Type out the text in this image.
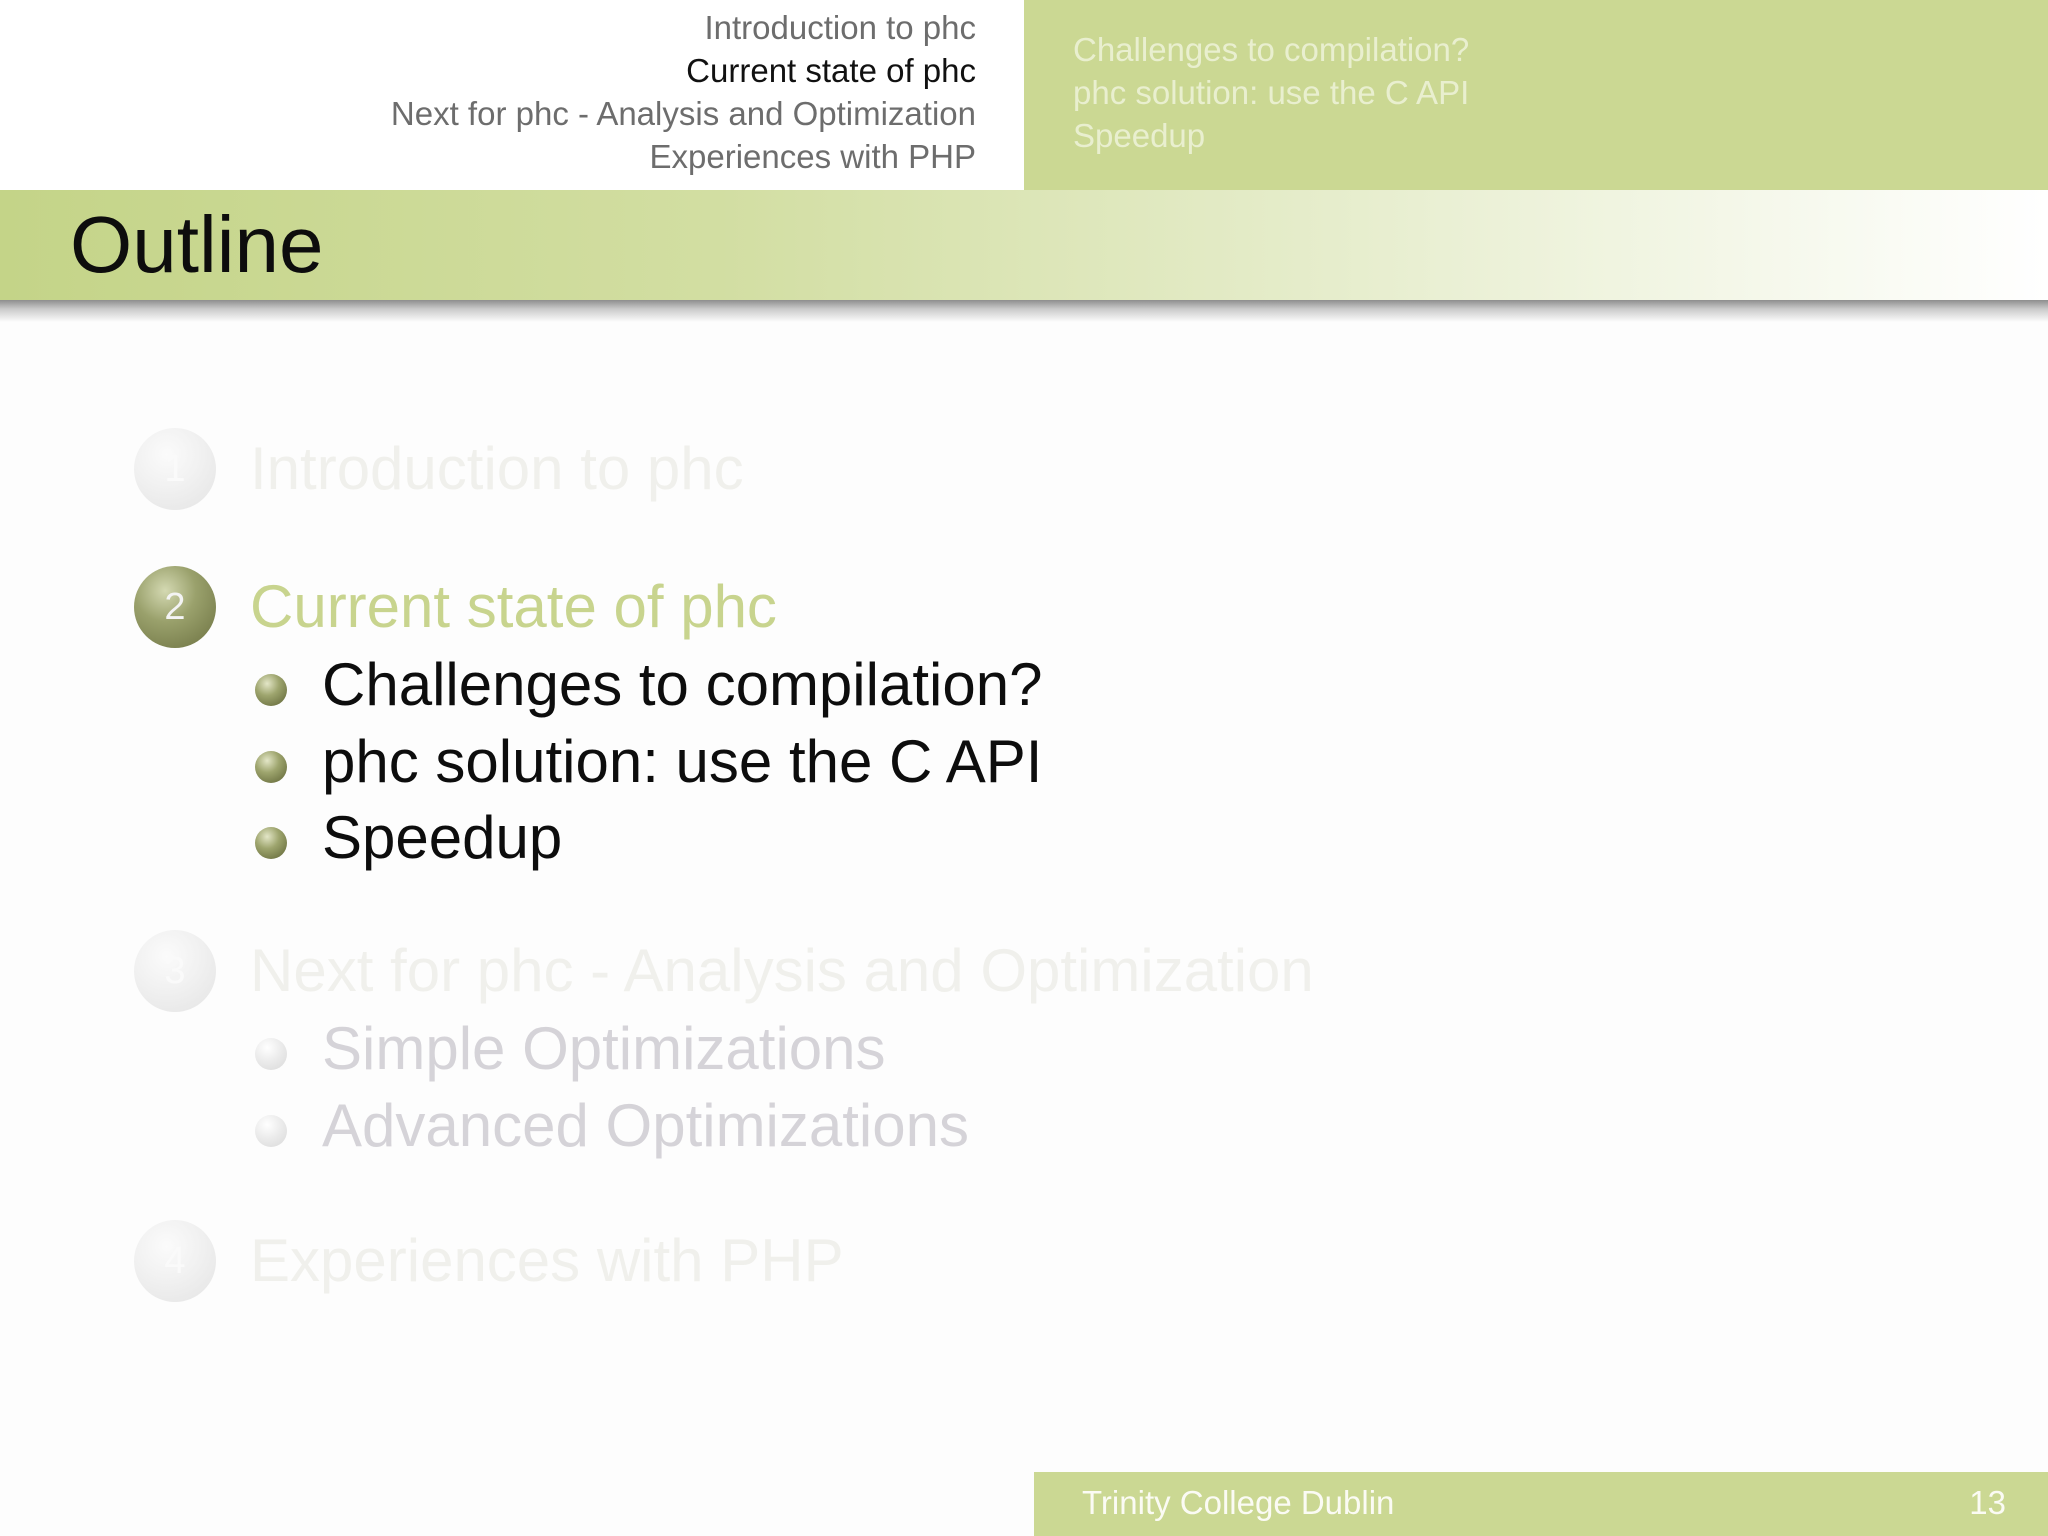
Introduction to phc
Current state of phc
Next for phc - Analysis and Optimization
Experiences with PHP
Challenges to compilation?
phc solution: use the C API
Speedup
Outline
1 Introduction to phc
2 Current state of phc
Challenges to compilation?
phc solution: use the C API
Speedup
3 Next for phc - Analysis and Optimization
Simple Optimizations
Advanced Optimizations
4 Experiences with PHP
Trinity College Dublin	13
